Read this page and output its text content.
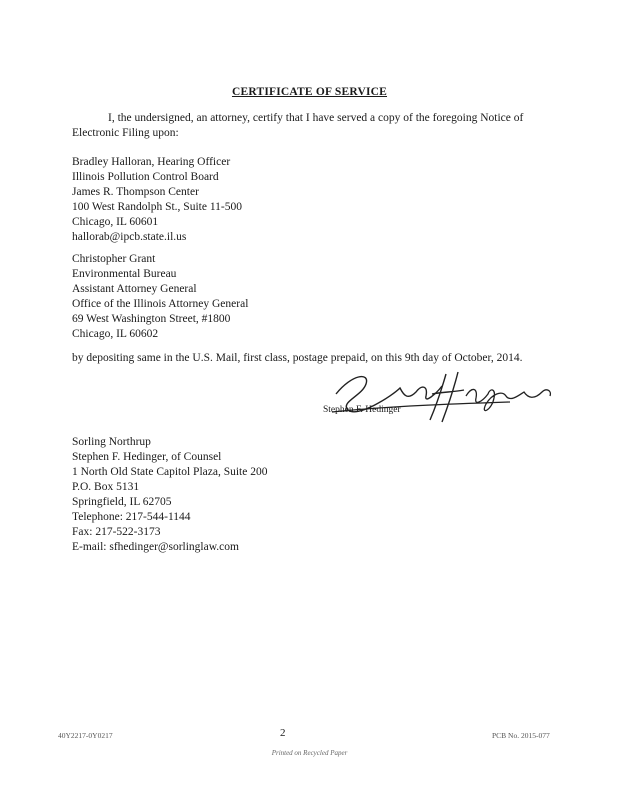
CERTIFICATE OF SERVICE
I, the undersigned, an attorney, certify that I have served a copy of the foregoing Notice of Electronic Filing upon:
Bradley Halloran, Hearing Officer
Illinois Pollution Control Board
James R. Thompson Center
100 West Randolph St., Suite 11-500
Chicago, IL 60601
hallorab@ipcb.state.il.us
Christopher Grant
Environmental Bureau
Assistant Attorney General
Office of the Illinois Attorney General
69 West Washington Street, #1800
Chicago, IL 60602
by depositing same in the U.S. Mail, first class, postage prepaid, on this 9th day of October, 2014.
Stephen F. Hedinger
Sorling Northrup
Stephen F. Hedinger, of Counsel
1 North Old State Capitol Plaza, Suite 200
P.O. Box 5131
Springfield, IL 62705
Telephone: 217-544-1144
Fax: 217-522-3173
E-mail: sfhedinger@sorlinglaw.com
40Y2217-0Y0217	2	PCB No. 2015-077
Printed on Recycled Paper
